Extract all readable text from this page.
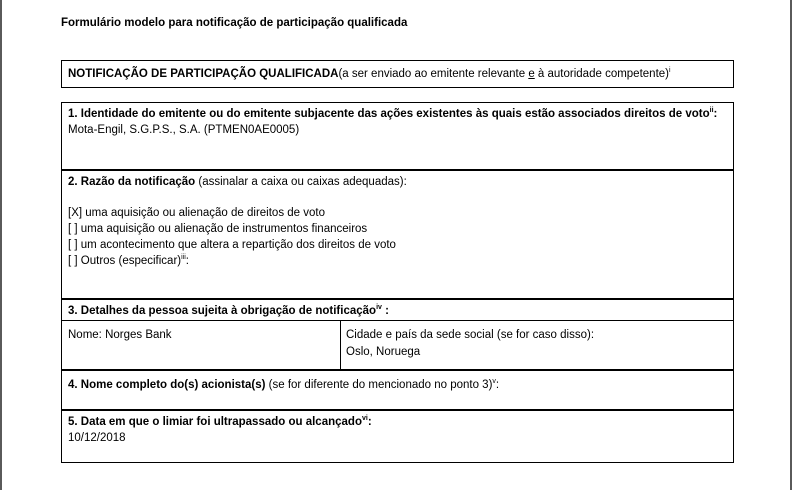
Formulário modelo para notificação de participação qualificada
NOTIFICAÇÃO DE PARTICIPAÇÃO QUALIFICADA(a ser enviado ao emitente relevante e à autoridade competente)$^i$
1. Identidade do emitente ou do emitente subjacente das ações existentes às quais estão associados direitos de voto$^{ii}$:
Mota-Engil, S.G.P.S., S.A. (PTMEN0AE0005)
2. Razão da notificação (assinalar a caixa ou caixas adequadas):
[X] uma aquisição ou alienação de direitos de voto
[ ] uma aquisição ou alienação de instrumentos financeiros
[ ] um acontecimento que altera a repartição dos direitos de voto
[ ] Outros (especificar)$^{iii}$:
3. Detalhes da pessoa sujeita à obrigação de notificação$^{iv}$ :
Nome: Norges Bank	Cidade e país da sede social (se for caso disso):
Oslo, Noruega
4. Nome completo do(s) acionista(s) (se for diferente do mencionado no ponto 3)$^v$:
5. Data em que o limiar foi ultrapassado ou alcançado$^{vi}$:
10/12/2018
